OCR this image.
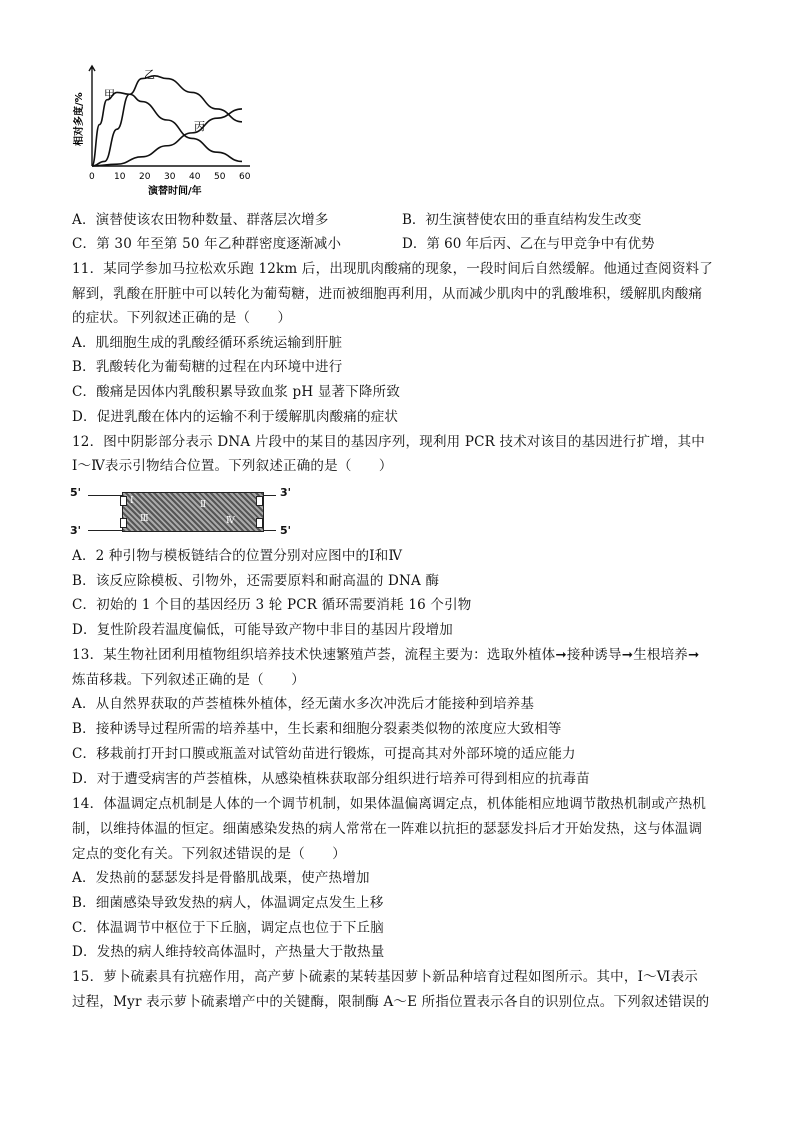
0 10 20 30 40 50 60
相对多度/%
演替时间/年
甲
乙
丙
A．演替使该农田物种数量、群落层次增多	B．初生演替使农田的垂直结构发生改变
C．第 30 年至第 50 年乙种群密度逐渐减小	D．第 60 年后丙、乙在与甲竞争中有优势
11．某同学参加马拉松欢乐跑 12km 后，出现肌肉酸痛的现象，一段时间后自然缓解。他通过查阅资料了
解到，乳酸在肝脏中可以转化为葡萄糖，进而被细胞再利用，从而减少肌肉中的乳酸堆积，缓解肌肉酸痛
的症状。下列叙述正确的是（　　）
A．肌细胞生成的乳酸经循环系统运输到肝脏
B．乳酸转化为葡萄糖的过程在内环境中进行
C．酸痛是因体内乳酸积累导致血浆 pH 显著下降所致
D．促进乳酸在体内的运输不利于缓解肌肉酸痛的症状
12．图中阴影部分表示 DNA 片段中的某目的基因序列，现利用 PCR 技术对该目的基因进行扩增，其中
Ⅰ～Ⅳ表示引物结合位置。下列叙述正确的是（　　）
5'	3'
3'	5'
Ⅰ	Ⅱ
Ⅲ	Ⅳ
A．2 种引物与模板链结合的位置分别对应图中的Ⅰ和Ⅳ
B．该反应除模板、引物外，还需要原料和耐高温的 DNA 酶
C．初始的 1 个目的基因经历 3 轮 PCR 循环需要消耗 16 个引物
D．复性阶段若温度偏低，可能导致产物中非目的基因片段增加
13．某生物社团利用植物组织培养技术快速繁殖芦荟，流程主要为：选取外植体➞接种诱导➞生根培养➞
炼苗移栽。下列叙述正确的是（　　）
A．从自然界获取的芦荟植株外植体，经无菌水多次冲洗后才能接种到培养基
B．接种诱导过程所需的培养基中，生长素和细胞分裂素类似物的浓度应大致相等
C．移栽前打开封口膜或瓶盖对试管幼苗进行锻炼，可提高其对外部环境的适应能力
D．对于遭受病害的芦荟植株，从感染植株获取部分组织进行培养可得到相应的抗毒苗
14．体温调定点机制是人体的一个调节机制，如果体温偏离调定点，机体能相应地调节散热机制或产热机
制，以维持体温的恒定。细菌感染发热的病人常常在一阵难以抗拒的瑟瑟发抖后才开始发热，这与体温调
定点的变化有关。下列叙述错误的是（　　）
A．发热前的瑟瑟发抖是骨骼肌战栗，使产热增加
B．细菌感染导致发热的病人，体温调定点发生上移
C．体温调节中枢位于下丘脑，调定点也位于下丘脑
D．发热的病人维持较高体温时，产热量大于散热量
15．萝卜硫素具有抗癌作用，高产萝卜硫素的某转基因萝卜新品种培育过程如图所示。其中，Ⅰ～Ⅵ表示
过程，Myr 表示萝卜硫素增产中的关键酶，限制酶 A～E 所指位置表示各自的识别位点。下列叙述错误的
